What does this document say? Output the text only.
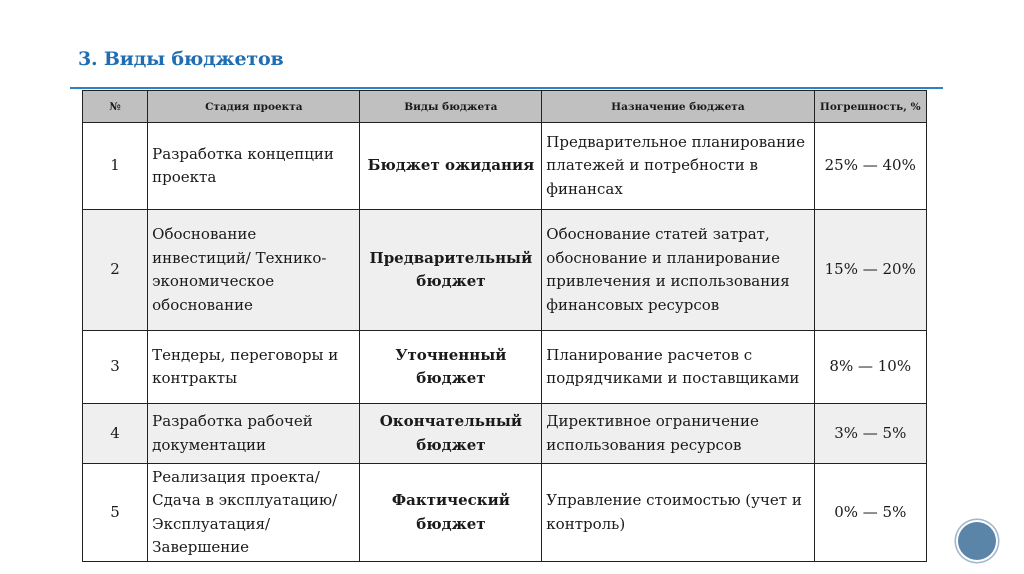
3. Виды бюджетов
№	Стадия проекта	Виды бюджета	Назначение бюджета	Погрешность, %
1	Разработка концепции проекта	Бюджет ожидания	Предварительное планирование платежей и потребности в финансах	25% — 40%
2	Обоснование инвестиций/ Технико-экономическое обоснование	Предварительный бюджет	Обоснование статей затрат, обоснование и планирование привлечения и использования финансовых ресурсов	15% — 20%
3	Тендеры, переговоры и контракты	Уточненный бюджет	Планирование расчетов с подрядчиками и поставщиками	8% — 10%
4	Разработка рабочей документации	Окончательный бюджет	Директивное ограничение использования ресурсов	3% — 5%
5	Реализация проекта/ Сдача в эксплуатацию/ Эксплуатация/ Завершение	Фактический бюджет	Управление стоимостью (учет и контроль)	0% — 5%
